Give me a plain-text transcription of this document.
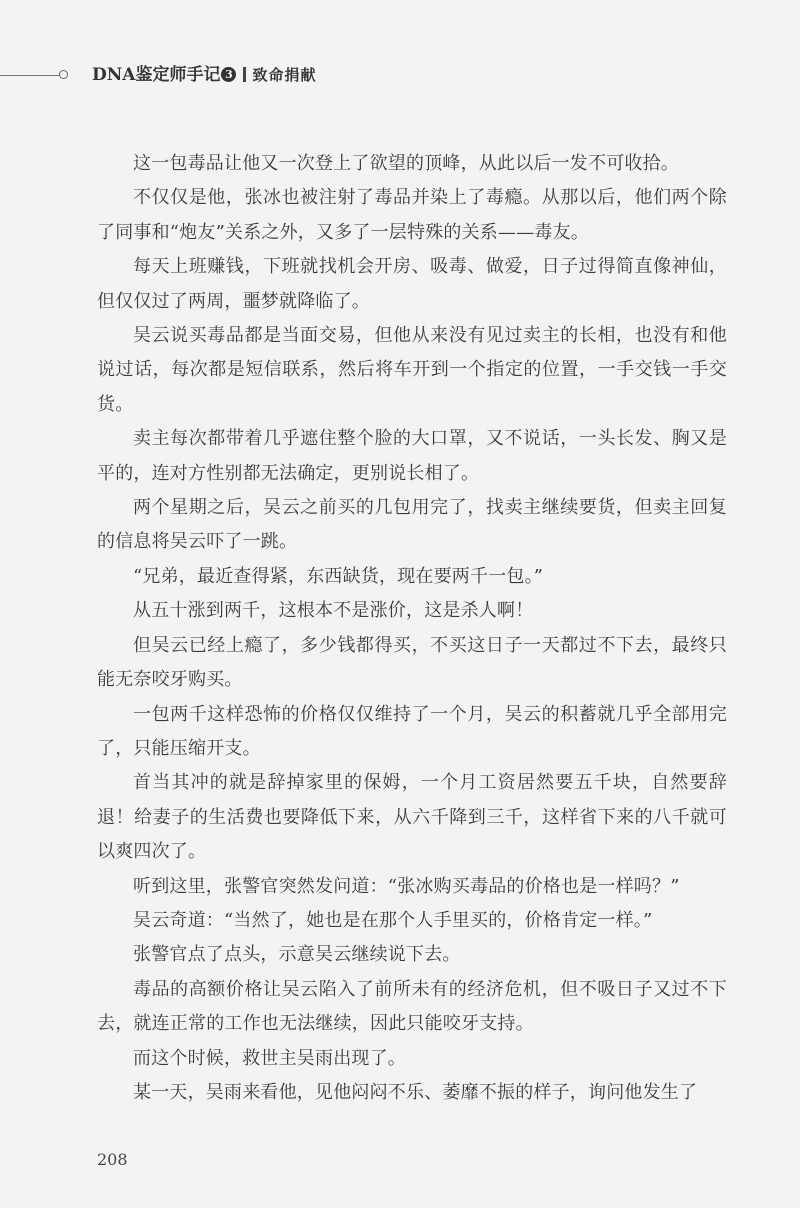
DNA鉴定师手记 3 致命捐献

这一包毒品让他又一次登上了欲望的顶峰，从此以后一发不可收拾。

不仅仅是他，张冰也被注射了毒品并染上了毒瘾。从那以后，他们两个除了同事和“炮友”关系之外，又多了一层特殊的关系——毒友。

每天上班赚钱，下班就找机会开房、吸毒、做爱，日子过得简直像神仙，但仅仅过了两周，噩梦就降临了。

吴云说买毒品都是当面交易，但他从来没有见过卖主的长相，也没有和他说过话，每次都是短信联系，然后将车开到一个指定的位置，一手交钱一手交货。

卖主每次都带着几乎遮住整个脸的大口罩，又不说话，一头长发、胸又是平的，连对方性别都无法确定，更别说长相了。

两个星期之后，吴云之前买的几包用完了，找卖主继续要货，但卖主回复的信息将吴云吓了一跳。

“兄弟，最近查得紧，东西缺货，现在要两千一包。”

从五十涨到两千，这根本不是涨价，这是杀人啊！

但吴云已经上瘾了，多少钱都得买，不买这日子一天都过不下去，最终只能无奈咬牙购买。

一包两千这样恐怖的价格仅仅维持了一个月，吴云的积蓄就几乎全部用完了，只能压缩开支。

首当其冲的就是辞掉家里的保姆，一个月工资居然要五千块，自然要辞退！给妻子的生活费也要降低下来，从六千降到三千，这样省下来的八千就可以爽四次了。

听到这里，张警官突然发问道：“张冰购买毒品的价格也是一样吗？”

吴云奇道：“当然了，她也是在那个人手里买的，价格肯定一样。”

张警官点了点头，示意吴云继续说下去。

毒品的高额价格让吴云陷入了前所未有的经济危机，但不吸日子又过不下去，就连正常的工作也无法继续，因此只能咬牙支持。

而这个时候，救世主吴雨出现了。

某一天，吴雨来看他，见他闷闷不乐、萎靡不振的样子，询问他发生了

208
